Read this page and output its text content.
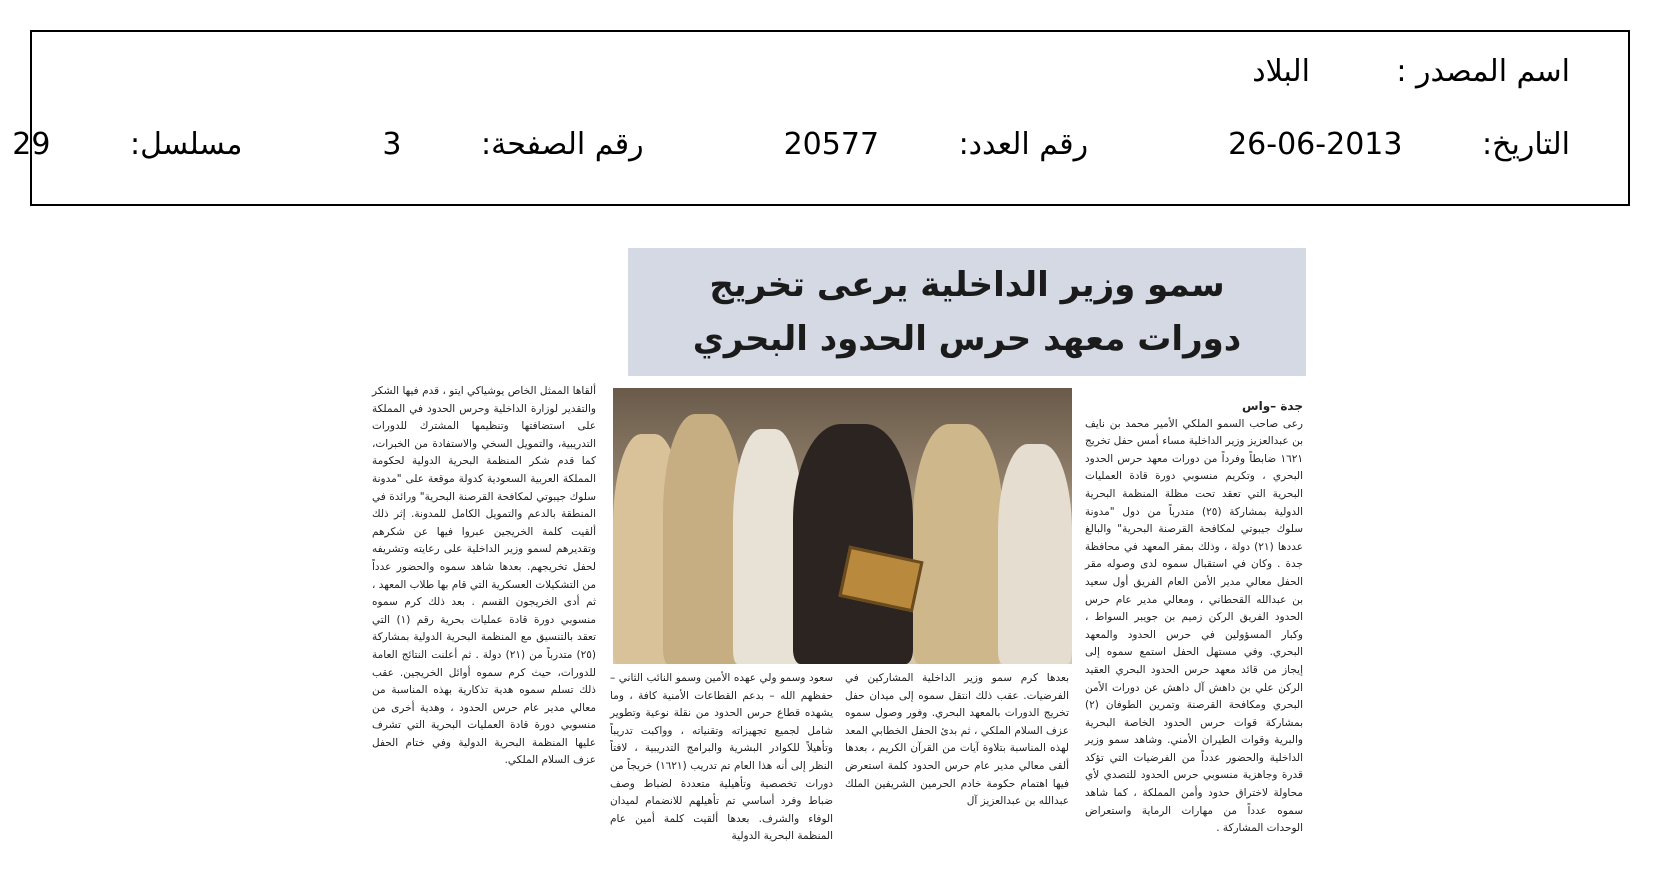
اسم المصدر :
البلاد
التاريخ: 2013-06-26
رقم العدد: 20577
رقم الصفحة: 3
مسلسل: 29
سمو وزير الداخلية يرعى تخريج
دورات معهد حرس الحدود البحري

جدة –واس

رعى صاحب السمو الملكي الأمير محمد بن نايف بن عبدالعزيز وزير الداخلية مساء أمس حفل تخريج ١٦٢١ ضابطاً وفرداً من دورات معهد حرس الحدود البحري ، وتكريم منسوبي دورة قادة العمليات البحرية التي تعقد تحت مظلة المنظمة البحرية الدولية بمشاركة (٢٥) متدرباً من دول "مدونة سلوك جيبوتي لمكافحة القرصنة البحرية" والبالغ عددها (٢١) دولة ، وذلك بمقر المعهد في محافظة جدة . وكان في استقبال سموه لدى وصوله مقر الحفل معالي مدير الأمن العام الفريق أول سعيد بن عبدالله القحطاني ، ومعالي مدير عام حرس الحدود الفريق الركن زميم بن جويبر السواط ، وكبار المسؤولين في حرس الحدود والمعهد البحري. وفي مستهل الحفل استمع سموه إلى إيجاز من قائد معهد حرس الحدود البحري العقيد الركن علي بن داهش آل داهش عن دورات الأمن البحري ومكافحة القرصنة وتمرين الطوفان (٢) بمشاركة قوات حرس الحدود الخاصة البحرية والبرية وقوات الطيران الأمني. وشاهد سمو وزير الداخلية والحضور عدداً من الفرضيات التي تؤكد قدرة وجاهزية منسوبي حرس الحدود للتصدي لأي محاولة لاختراق حدود وأمن المملكة ، كما شاهد سموه عدداً من مهارات الرماية واستعراض الوحدات المشاركة .

بعدها كرم سمو وزير الداخلية المشاركين في الفرضيات. عقب ذلك انتقل سموه إلى ميدان حفل تخريج الدورات بالمعهد البحري. وفور وصول سموه عزف السلام الملكي ، ثم بدئ الحفل الخطابي المعد لهذه المناسبة بتلاوة آيات من القرآن الكريم ، بعدها ألقى معالي مدير عام حرس الحدود كلمة استعرض فيها اهتمام حكومة خادم الحرمين الشريفين الملك عبدالله بن عبدالعزيز آل

سعود وسمو ولي عهده الأمين وسمو النائب الثاني – حفظهم الله – بدعم القطاعات الأمنية كافة ، وما يشهده قطاع حرس الحدود من نقلة نوعية وتطوير شامل لجميع تجهيزاته وتقنياته ، وواكبت تدريباً وتأهيلاً للكوادر البشرية والبرامج التدريبية ، لافتاً النظر إلى أنه هذا العام تم تدريب (١٦٢١) خريجاً من دورات تخصصية وتأهيلية متعددة لضباط وصف ضباط وفرد أساسي تم تأهيلهم للانضمام لميدان الوفاء والشرف. بعدها ألقيت كلمة أمين عام المنظمة البحرية الدولية

ألقاها الممثل الخاص يوشياكي ايتو ، قدم فيها الشكر والتقدير لوزارة الداخلية وحرس الحدود في المملكة على استضافتها وتنظيمها المشترك للدورات التدريبية، والتمويل السخي والاستفادة من الخبرات، كما قدم شكر المنظمة البحرية الدولية لحكومة المملكة العربية السعودية كدولة موقعة على "مدونة سلوك جيبوتي لمكافحة القرصنة البحرية" ورائدة في المنطقة بالدعم والتمويل الكامل للمدونة. إثر ذلك ألقيت كلمة الخريجين عبروا فيها عن شكرهم وتقديرهم لسمو وزير الداخلية على رعايته وتشريفه لحفل تخريجهم. بعدها شاهد سموه والحضور عدداً من التشكيلات العسكرية التي قام بها طلاب المعهد ، ثم أدى الخريجون القسم . بعد ذلك كرم سموه منسوبي دورة قادة عمليات بحرية رقم (١) التي تعقد بالتنسيق مع المنظمة البحرية الدولية بمشاركة (٢٥) متدرباً من (٢١) دولة . ثم أعلنت النتائج العامة للدورات، حيث كرم سموه أوائل الخريجين. عقب ذلك تسلم سموه هدية تذكارية بهذه المناسبة من معالي مدير عام حرس الحدود ، وهدية أخرى من منسوبي دورة قادة العمليات البحرية التي تشرف عليها المنظمة البحرية الدولية وفي ختام الحفل عزف السلام الملكي.
